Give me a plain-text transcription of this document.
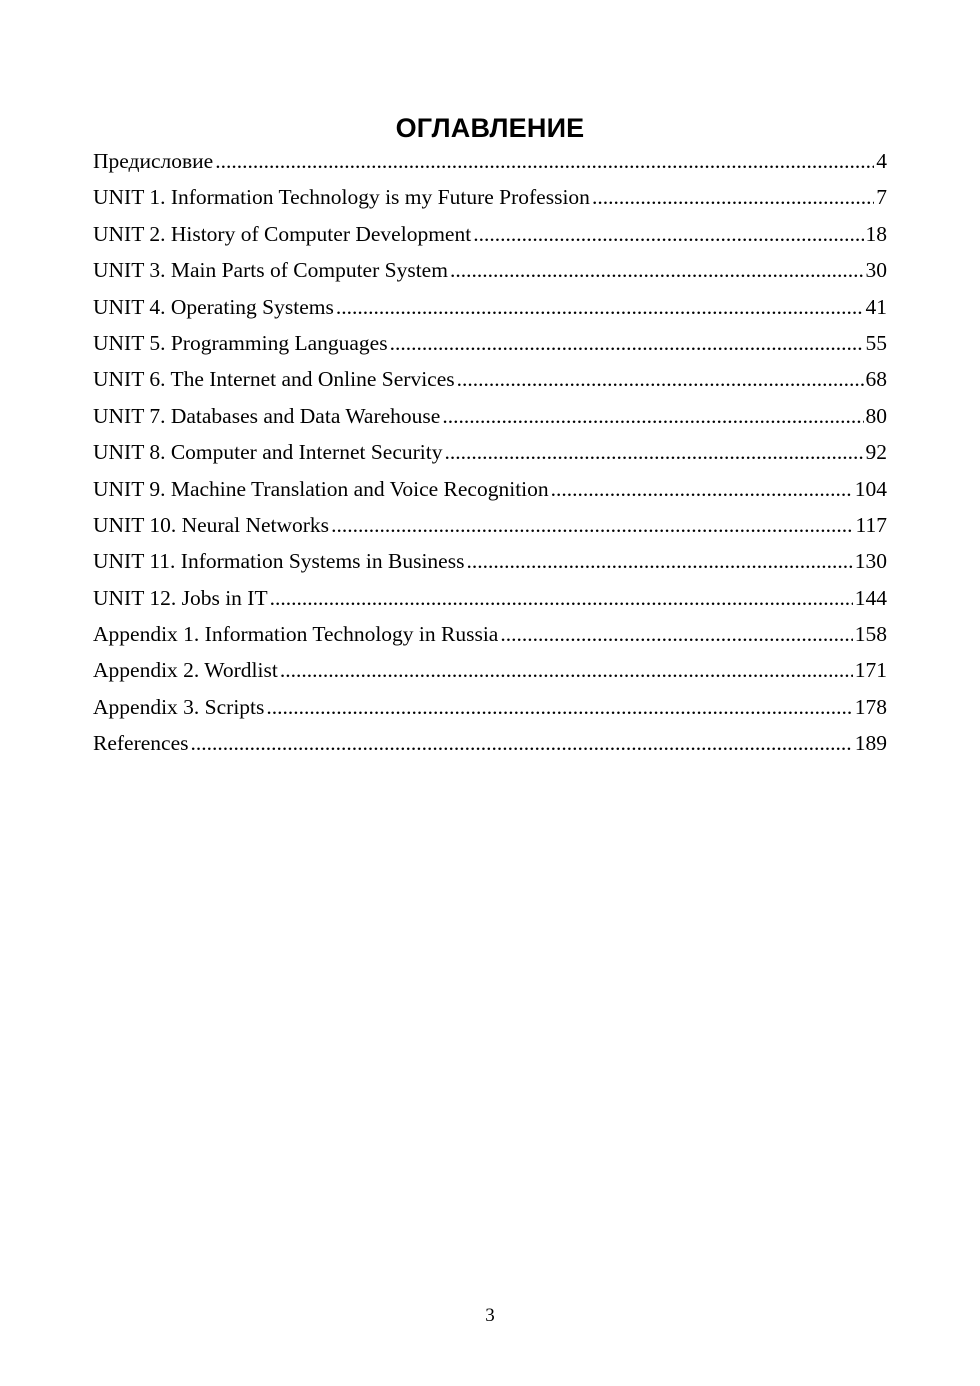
ОГЛАВЛЕНИЕ
Предисловие .....	4
UNIT 1. Information Technology is my Future Profession .....	7
UNIT 2. History of Computer Development .....	18
UNIT 3. Main Parts of Computer System .....	30
UNIT 4. Operating Systems .....	41
UNIT 5. Programming Languages .....	55
UNIT 6. The Internet and Online Services .....	68
UNIT 7. Databases and Data Warehouse .....	80
UNIT 8. Computer and Internet Security .....	92
UNIT 9. Machine Translation and Voice Recognition .....	104
UNIT 10. Neural Networks .....	117
UNIT 11. Information Systems in Business .....	130
UNIT 12. Jobs in IT .....	144
Appendix 1. Information Technology in Russia .....	158
Appendix 2. Wordlist .....	171
Appendix 3. Scripts .....	178
References .....	189
3
